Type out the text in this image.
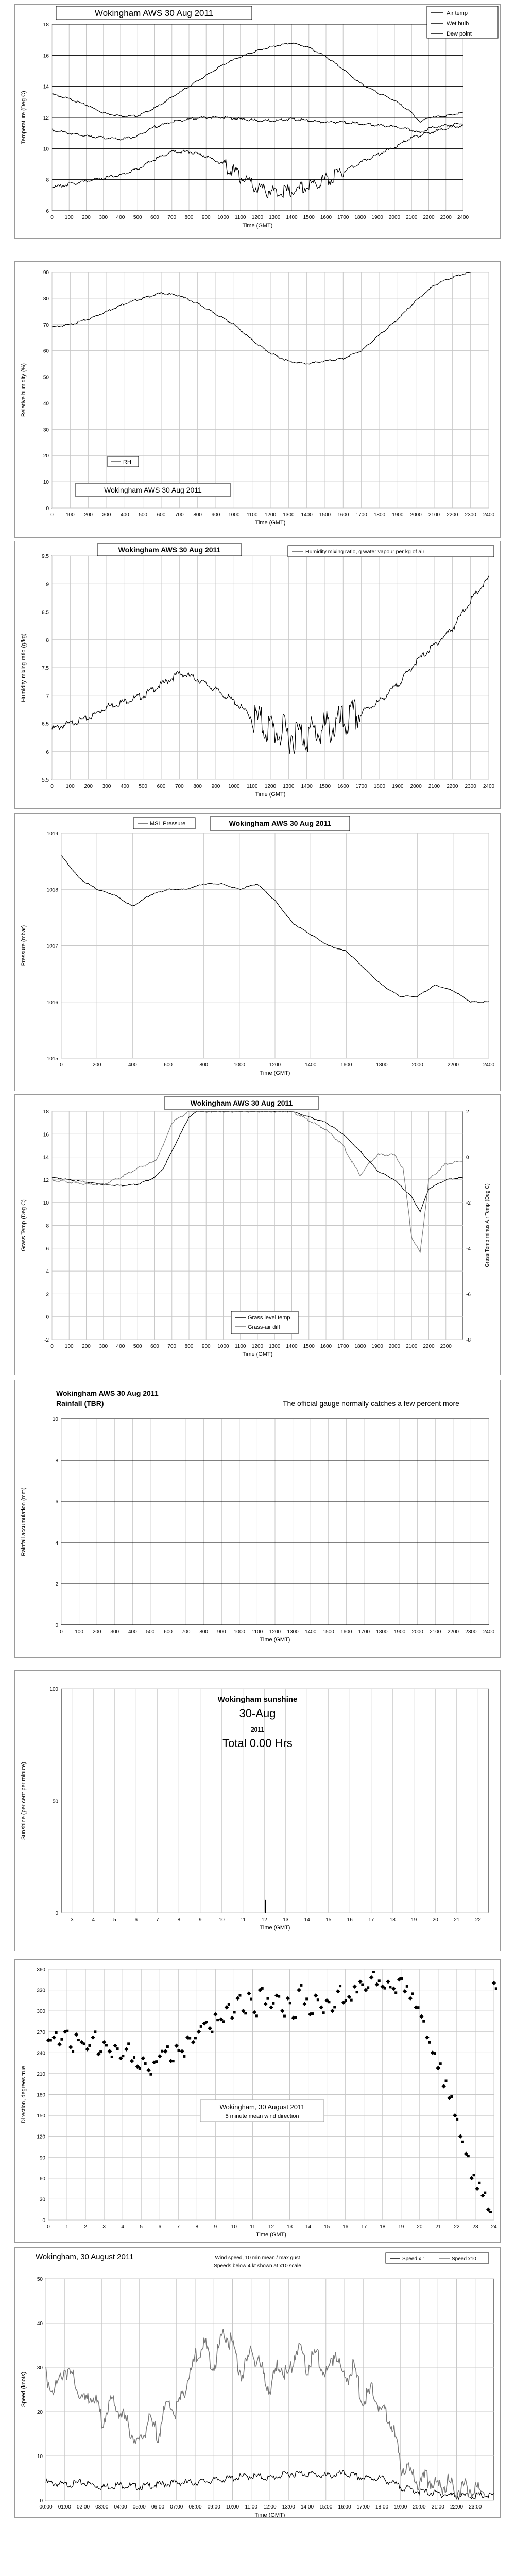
0 100 200 300 400 500 600 700 800 900 1000 1100 1200 1300 1400 1500 1600 1700 1800 1900 2000 2100 2200 2300 2400
6
8
10
12
14
16
18
Time (GMT)
Temperature (Deg C)
Wokingham AWS 30 Aug 2011	Air temp
Wet bulb
Dew point
0 100 200 300 400 500 600 700 800 900 1000 1100 1200 1300 1400 1500 1600 1700 1800 1900 2000 2100 2200 2300 2400
0
10
20
30
40
50
60
70
80
90
Time (GMT)
Relative humidity (%)
RH
Wokingham AWS 30 Aug 2011
0 100 200 300 400 500 600 700 800 900 1000 1100 1200 1300 1400 1500 1600 1700 1800 1900 2000 2100 2200 2300 2400
5.5
6
6.5
7
7.5
8
8.5
9
9.5
Time (GMT)
Humidity mixing ratio (g/kg)
Wokingham AWS 30 Aug 2011	Humidity mixing ratio, g water vapour per kg of air
0	200	400	600	800	1000	1200	1400	1600	1800	2000	2200	2400
1015
1016
1017
1018
1019
Time (GMT)
Pressure (mbar)
MSL Pressure	Wokingham AWS 30 Aug 2011
0 100 200 300 400 500 600 700 800 900 1000 1100 1200 1300 1400 1500 1600 1700 1800 1900 2000 2100 2200 2300
-2
0
2
4
6
8
10
12
14
16
18
Time (GMT)
Grass Temp (Deg C)
-8
-6
-4
-2
0
2
Grass Temp minus Air Temp (Deg C)
Wokingham AWS 30 Aug 2011
Grass level temp
Grass-air diff
0 100 200 300 400 500 600 700 800 900 1000 1100 1200 1300 1400 1500 1600 1700 1800 1900 2000 2100 2200 2300 2400
0
2
4
6
8
10
Time (GMT)
Rainfall accumulation (mm)
Wokingham AWS 30 Aug 2011
Rainfall (TBR)	The official gauge normally catches a few percent more
3	4	5	6	7	8	9	10	11	12	13	14	15	16	17	18	19	20	21	22
0
50
100
Time (GMT)
Sunshine (per cent per minute)
Wokingham sunshine
30-Aug
2011
Total 0.00 Hrs
0	1	2	3	4	5	6	7	8	9	10	11	12 13 14 15 16 17 18 19 20 21 22 23 24
0
30
60
90
120
150
180
210
240
270
300
330
360
Time (GMT)
Direction, degrees true	Wokingham, 30 August 2011
5 minute mean wind direction
00:00 01:00 02:00 03:00 04:00 05:00 06:00 07:00 08:00 09:00 10:00 11:00 12:00 13:00 14:00 15:00 16:00 17:00 18:00 19:00 20:00 21:00 22:00 23:00
0
10
20
30
40
50
Time (GMT)
Speed (knots)
Wokingham, 30 August 2011	Wind speed, 10 min mean / max gust
Speeds below 4 kt shown at x10 scale
Speed x 1	Speed x10
